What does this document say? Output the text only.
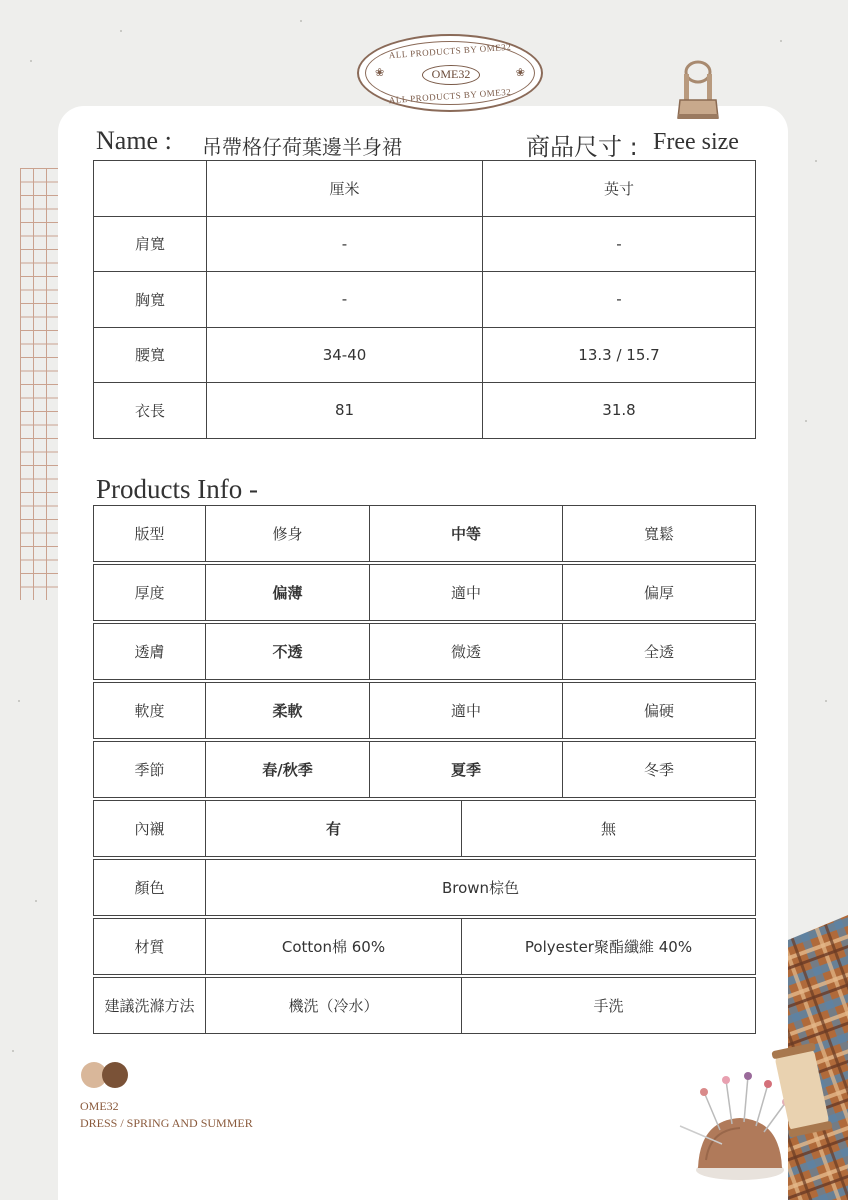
ALL PRODUCTS BY OME32
❀	❀
OME32
ALL PRODUCTS BY OME32
Name : 吊帶格仔荷葉邊半身裙	商品尺寸 : Free size
	厘米	英寸
肩寬	-	-
胸寬	-	-
腰寬	34-40	13.3 / 15.7
衣長	81	31.8
Products Info -
版型	修身	中等	寬鬆
厚度	偏薄	適中	偏厚
透膚	不透	微透	全透
軟度	柔軟	適中	偏硬
季節	春/秋季	夏季	冬季
內襯	有	無
顏色	Brown棕色
材質	Cotton棉 60%	Polyester聚酯纖維 40%
建議洗滌方法	機洗（冷水）	手洗
OME32
DRESS / SPRING AND SUMMER
